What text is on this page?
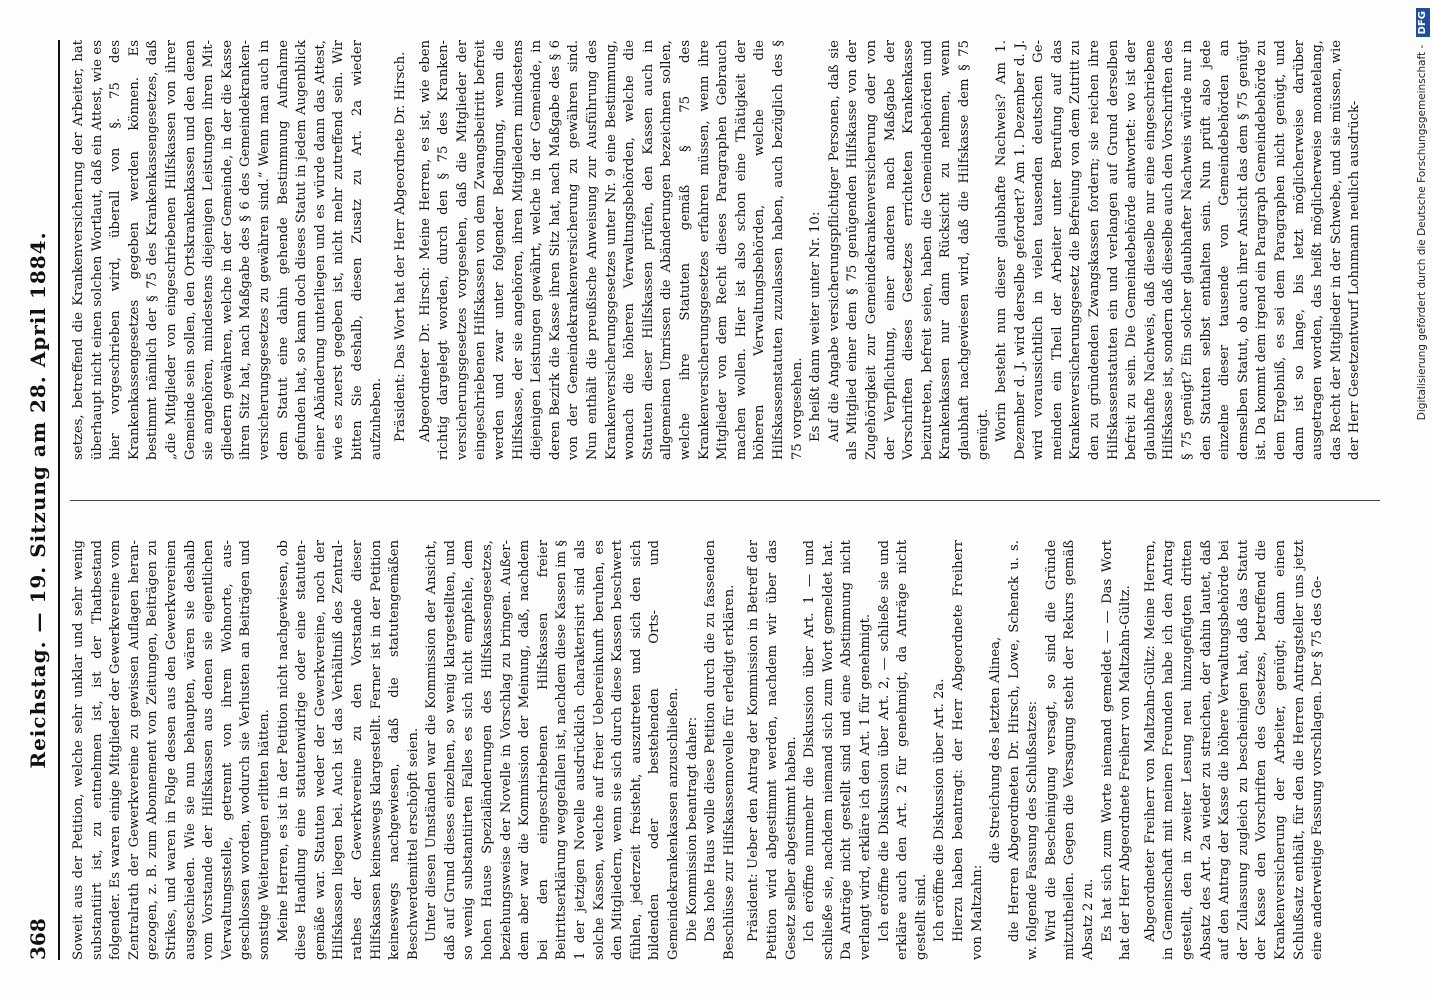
368
Reichstag. — 19. Sitzung am 28. April 1884. Soweit aus der Petition, welche sehr unklar und sehr wenig substantiirt ist, zu entnehmen ist, ist der Thatbestand folgender. Es waren einige Mitglieder der Gewerkvereine vom Zentralrath der Gewerkvereine zu gewissen Auflagen herangezogen, z. B. zum Abonnement von Zeitungen, Beiträgen zu Strikes, und waren in Folge dessen aus den Gewerkvereinen ausgeschieden. Wie sie nun behaupten, wären sie deshalb vom Vorstande der Hilfskassen aus denen sie eigentlichen Verwaltungsstelle, getrennt von ihrem Wohnorte, ausgeschlossen worden, wodurch sie Verlusten an Beiträgen und sonstige Weiterungen erlitten hätten. Meine Herren, es ist in der Petition nicht nachgewiesen, ob diese Handlung eine statutenwidrige oder eine statutengemäße war. Statuten weder der Gewerkvereine, noch der Hilfskassen liegen bei. Auch ist das Verhältniß des Zentralrathes der Gewerkvereine zu den Vorstande dieser Hilfskassen keineswegs klargestellt. Ferner ist in der Petition keineswegs nachgewiesen, daß die statutengemäßen Beschwerdemittel erschöpft seien. Unter diesen Umständen war die Kommission der Ansicht, daß auf Grund dieses einzelnen, so wenig klargestellten, und so wenig substantiirten Falles es sich nicht empfehle, dem hohen Hause Spezialänderungen des Hilfskassengesetzes, beziehungsweise der Novelle in Vorschlag zu bringen. Außerdem aber war die Kommission der Meinung, daß, nachdem bei den eingeschriebenen Hilfskassen freier Beitrittserklärung weggefallen ist, nachdem diese Kassen im § 1 der jetzigen Novelle ausdrücklich charakterisirt sind als solche Kassen, welche auf freier Uebereinkunft beruhen, es den Mitgliedern, wenn sie sich durch diese Kassen beschwert fühlen, jederzeit freisteht, auszutreten und sich den sich bildenden oder bestehenden Orts- und Gemeindekrankenkassen anzuschließen. Die Kommission beantragt daher: Das hohe Haus wolle diese Petition durch die zu fassenden Beschlüsse zur Hilfskassennovelle für erledigt erklären. Präsident: Ueber den Antrag der Kommission in Betreff der Petition wird abgestimmt werden, nachdem wir über das Gesetz selber abgestimmt haben. Ich eröffne nunmehr die Diskussion über Art. 1 — und schließe sie, nachdem niemand sich zum Wort gemeldet hat. Da Anträge nicht gestellt sind und eine Abstimmung nicht verlangt wird, erkläre ich den Art. 1 für genehmigt. Ich eröffne die Diskussion über Art. 2, — schließe sie und erkläre auch den Art. 2 für genehmigt, da Anträge nicht gestellt sind. Ich eröffne die Diskussion über Art. 2a. Hierzu haben beantragt: der Herr Abgeordnete Freiherr von Maltzahn:

die Streichung des letzten Alinea, die Herren Abgeordneten Dr. Hirsch, Lowe, Schenck u. s. w. folgende Fassung des Schlußsatzes: Wird die Bescheinigung versagt, so sind die Gründe mitzutheilen. Gegen die Versagung steht der Rekurs gemäß Absatz 2 zu. Es hat sich zum Worte niemand gemeldet — — Das Wort hat der Herr Abgeordnete Freiherr von Maltzahn-Gültz. Abgeordneter Freiherr von Maltzahn-Gültz: Meine Herren, in Gemeinschaft mit meinen Freunden habe ich den Antrag gestellt, den in zweiter Lesung neu hinzugefügten dritten Absatz des Art. 2a wieder zu streichen, der dahin lautet, daß auf den Antrag der Kasse die höhere Verwaltungsbehörde bei der Zulassung zugleich zu bescheinigen hat, daß das Statut der Kasse den Vorschriften des Gesetzes, betreffend die Krankenversicherung der Arbeiter, genügt; dann einen Schlußsatz enthält, für den die Herren Antragsteller uns jetzt eine anderweitige Fassung vorschlagen. Der § 75 des Ge-

setzes, betreffend die Krankenversicherung der Arbeiter, hat überhaupt nicht einen solchen Wortlaut, daß ein Attest, wie es hier vorgeschrieben wird, überall von §. 75 des Krankenkassengesetzes gegeben werden können. Es bestimmt nämlich der § 75 des Krankenkassengesetzes, daß „die Mitglieder von eingeschriebenen Hilfskassen von ihrer Gemeinde sein sollen, den Ortskrankenkassen und den denen sie angehören, mindestens diejenigen Leistungen ihren Mitgliedern gewähren, welche in der Gemeinde, in der die Kasse ihren Sitz hat, nach Maßgabe des § 6 des Gemeindekrankenversicherungsgesetzes zu gewähren sind.“ Wenn man auch in dem Statut eine dahin gehende Bestimmung Aufnahme gefunden hat, so kann doch dieses Statut in jedem Augenblick einer Abänderung unterliegen und es würde dann das Attest, wie es zuerst gegeben ist, nicht mehr zutreffend sein. Wir bitten Sie deshalb, diesen Zusatz zu Art. 2a wieder aufzuheben. Präsident: Das Wort hat der Herr Abgeordnete Dr. Hirsch. Abgeordneter Dr. Hirsch: Meine Herren, es ist, wie eben richtig dargelegt worden, durch den § 75 des Krankenversicherungsgesetzes vorgesehen, daß die Mitglieder der eingeschriebenen Hilfskassen von dem Zwangsbeitritt befreit werden und zwar unter folgender Bedingung, wenn die Hilfskasse, der sie angehören, ihren Mitgliedern mindestens diejenigen Leistungen gewährt, welche in der Gemeinde, in deren Bezirk die Kasse ihren Sitz hat, nach Maßgabe des § 6 von der Gemeindekrankenversicherung zu gewähren sind. Nun enthält die preußische Anweisung zur Ausführung des Krankenversicherungsgesetzes unter Nr. 9 eine Bestimmung, wonach die höheren Verwaltungsbehörden, welche die Statuten dieser Hilfskassen prüfen, den Kassen auch in allgemeinen Umrissen die Abänderungen bezeichnen sollen, welche ihre Statuten gemäß § 75 des Krankenversicherungsgesetzes erfahren müssen, wenn ihre Mitglieder von dem Recht dieses Paragraphen Gebrauch machen wollen. Hier ist also schon eine Thätigkeit der höheren Verwaltungsbehörden, welche die Hilfskassenstatuten zuzulassen haben, auch bezüglich des § 75 vorgesehen. Es heißt dann weiter unter Nr. 10: Auf die Angabe versicherungspflichtiger Personen, daß sie als Mitglied einer dem § 75 genügenden Hilfskasse von der Zugehörigkeit zur Gemeindekrankenversicherung oder von der Verpflichtung, einer anderen nach Maßgabe der Vorschriften dieses Gesetzes errichteten Krankenkasse beizutreten, befreit seien, haben die Gemeindebehörden und Krankenkassen nur dann Rücksicht zu nehmen, wenn glaubhaft nachgewiesen wird, daß die Hilfskasse dem § 75 genügt. Worin besteht nun dieser glaubhafte Nachweis? Am 1. Dezember d. J. wird derselbe gefordert? Am 1. Dezember d. J. wird voraussichtlich in vielen tausenden deutschen Gemeinden ein Theil der Arbeiter unter Berufung auf das Krankenversicherungsgesetz die Befreiung von dem Zutritt zu den zu gründenden Zwangskassen fordern; sie reichen ihre Hilfskassenstatuten ein und verlangen auf Grund derselben befreit zu sein. Die Gemeindebehörde antwortet: wo ist der glaubhafte Nachweis, daß dieselbe nur eine eingeschriebene Hilfskasse ist, sondern daß dieselbe auch den Vorschriften des § 75 genügt? Ein solcher glaubhafter Nachweis würde nur in den Statuten selbst enthalten sein. Nun prüft also jede einzelne dieser tausende von Gemeindebehörden an demselben Statut, ob auch ihrer Ansicht das dem § 75 genügt ist. Da kommt dem irgend ein Paragraph Gemeindebehörde zu dem Ergebniß, es sei dem Paragraphen nicht genügt, und dann ist so lange, bis letzt möglicherweise darüber ausgetragen worden, das heißt möglicherweise monatelang, das Recht der Mitglieder in der Schwebe, und sie müssen, wie der Herr Gesetzentwurf Lohnmann neulich ausdrück-	Digitalisierung gefördert durch die Deutsche Forschungsgemeinschaft - DFG
